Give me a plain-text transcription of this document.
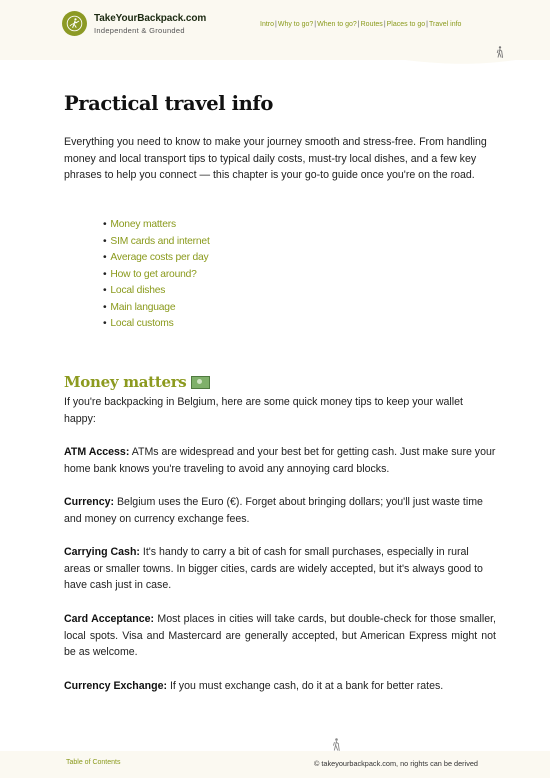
TakeYourBackpack.com
Independent & Grounded
Intro|Why to go?|When to go?|Routes|Places to go|Travel info
Practical travel info

Everything you need to know to make your journey smooth and stress-free. From handling money and local transport tips to typical daily costs, must-try local dishes, and a few key phrases to help you connect — this chapter is your go-to guide once you're on the road.

• Money matters
• SIM cards and internet
• Average costs per day
• How to get around?
• Local dishes
• Main language
• Local customs
Money matters

If you're backpacking in Belgium, here are some quick money tips to keep your wallet happy:

ATM Access: ATMs are widespread and your best bet for getting cash. Just make sure your home bank knows you're traveling to avoid any annoying card blocks.

Currency: Belgium uses the Euro (€). Forget about bringing dollars; you'll just waste time and money on currency exchange fees.

Carrying Cash: It's handy to carry a bit of cash for small purchases, especially in rural areas or smaller towns. In bigger cities, cards are widely accepted, but it's always good to have cash just in case.

Card Acceptance: Most places in cities will take cards, but double-check for those smaller, local spots. Visa and Mastercard are generally accepted, but American Express might not be as welcome.

Currency Exchange: If you must exchange cash, do it at a bank for better rates.

Table of Contents	© takeyourbackpack.com, no rights can be derived
